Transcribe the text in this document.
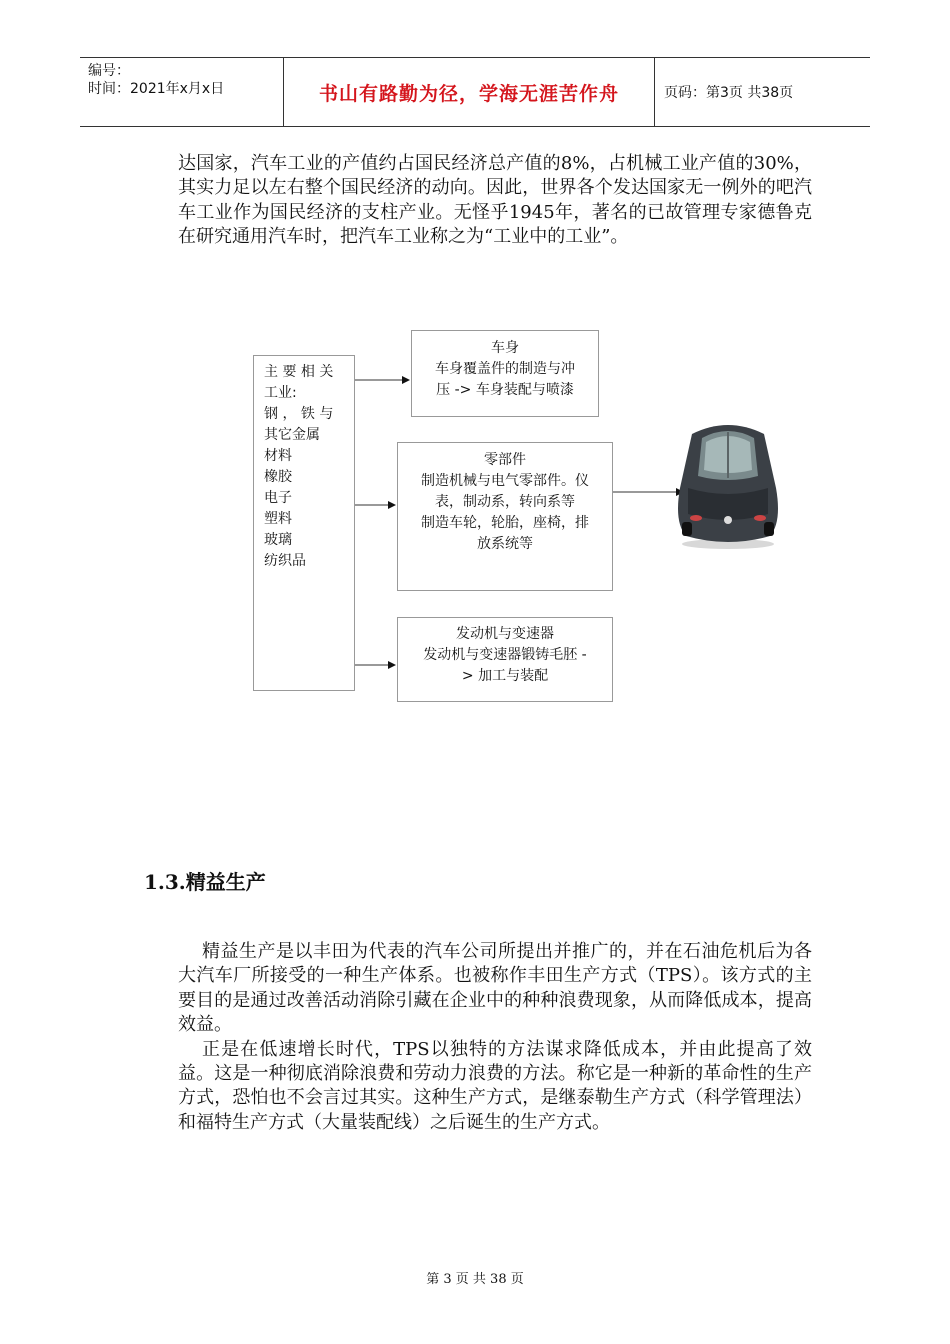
编号：
时间：2021年x月x日	书山有路勤为径，学海无涯苦作舟	页码：第3页 共38页

达国家，汽车工业的产值约占国民经济总产值的8%，占机械工业产值的30%，其实力足以左右整个国民经济的动向。因此，世界各个发达国家无一例外的吧汽车工业作为国民经济的支柱产业。无怪乎1945年，著名的已故管理专家德鲁克在研究通用汽车时，把汽车工业称之为“工业中的工业”。

主 要 相 关 工业:
钢 ， 铁 与
其它金属
材料
橡胶
电子
塑料
玻璃
纺织品
车身
车身覆盖件的制造与冲
压 -> 车身装配与喷漆
零部件
制造机械与电气零部件。仪
表，制动系，转向系等
制造车轮，轮胎，座椅，排
放系统等
发动机与变速器
发动机与变速器锻铸毛胚 -
> 加工与装配
1.3.精益生产

精益生产是以丰田为代表的汽车公司所提出并推广的，并在石油危机后为各大汽车厂所接受的一种生产体系。也被称作丰田生产方式（TPS）。该方式的主要目的是通过改善活动消除引藏在企业中的种种浪费现象，从而降低成本，提高效益。

正是在低速增长时代，TPS以独特的方法谋求降低成本，并由此提高了效益。这是一种彻底消除浪费和劳动力浪费的方法。称它是一种新的革命性的生产方式，恐怕也不会言过其实。这种生产方式，是继泰勒生产方式（科学管理法）和福特生产方式（大量装配线）之后诞生的生产方式。

第 3 页 共 38 页
